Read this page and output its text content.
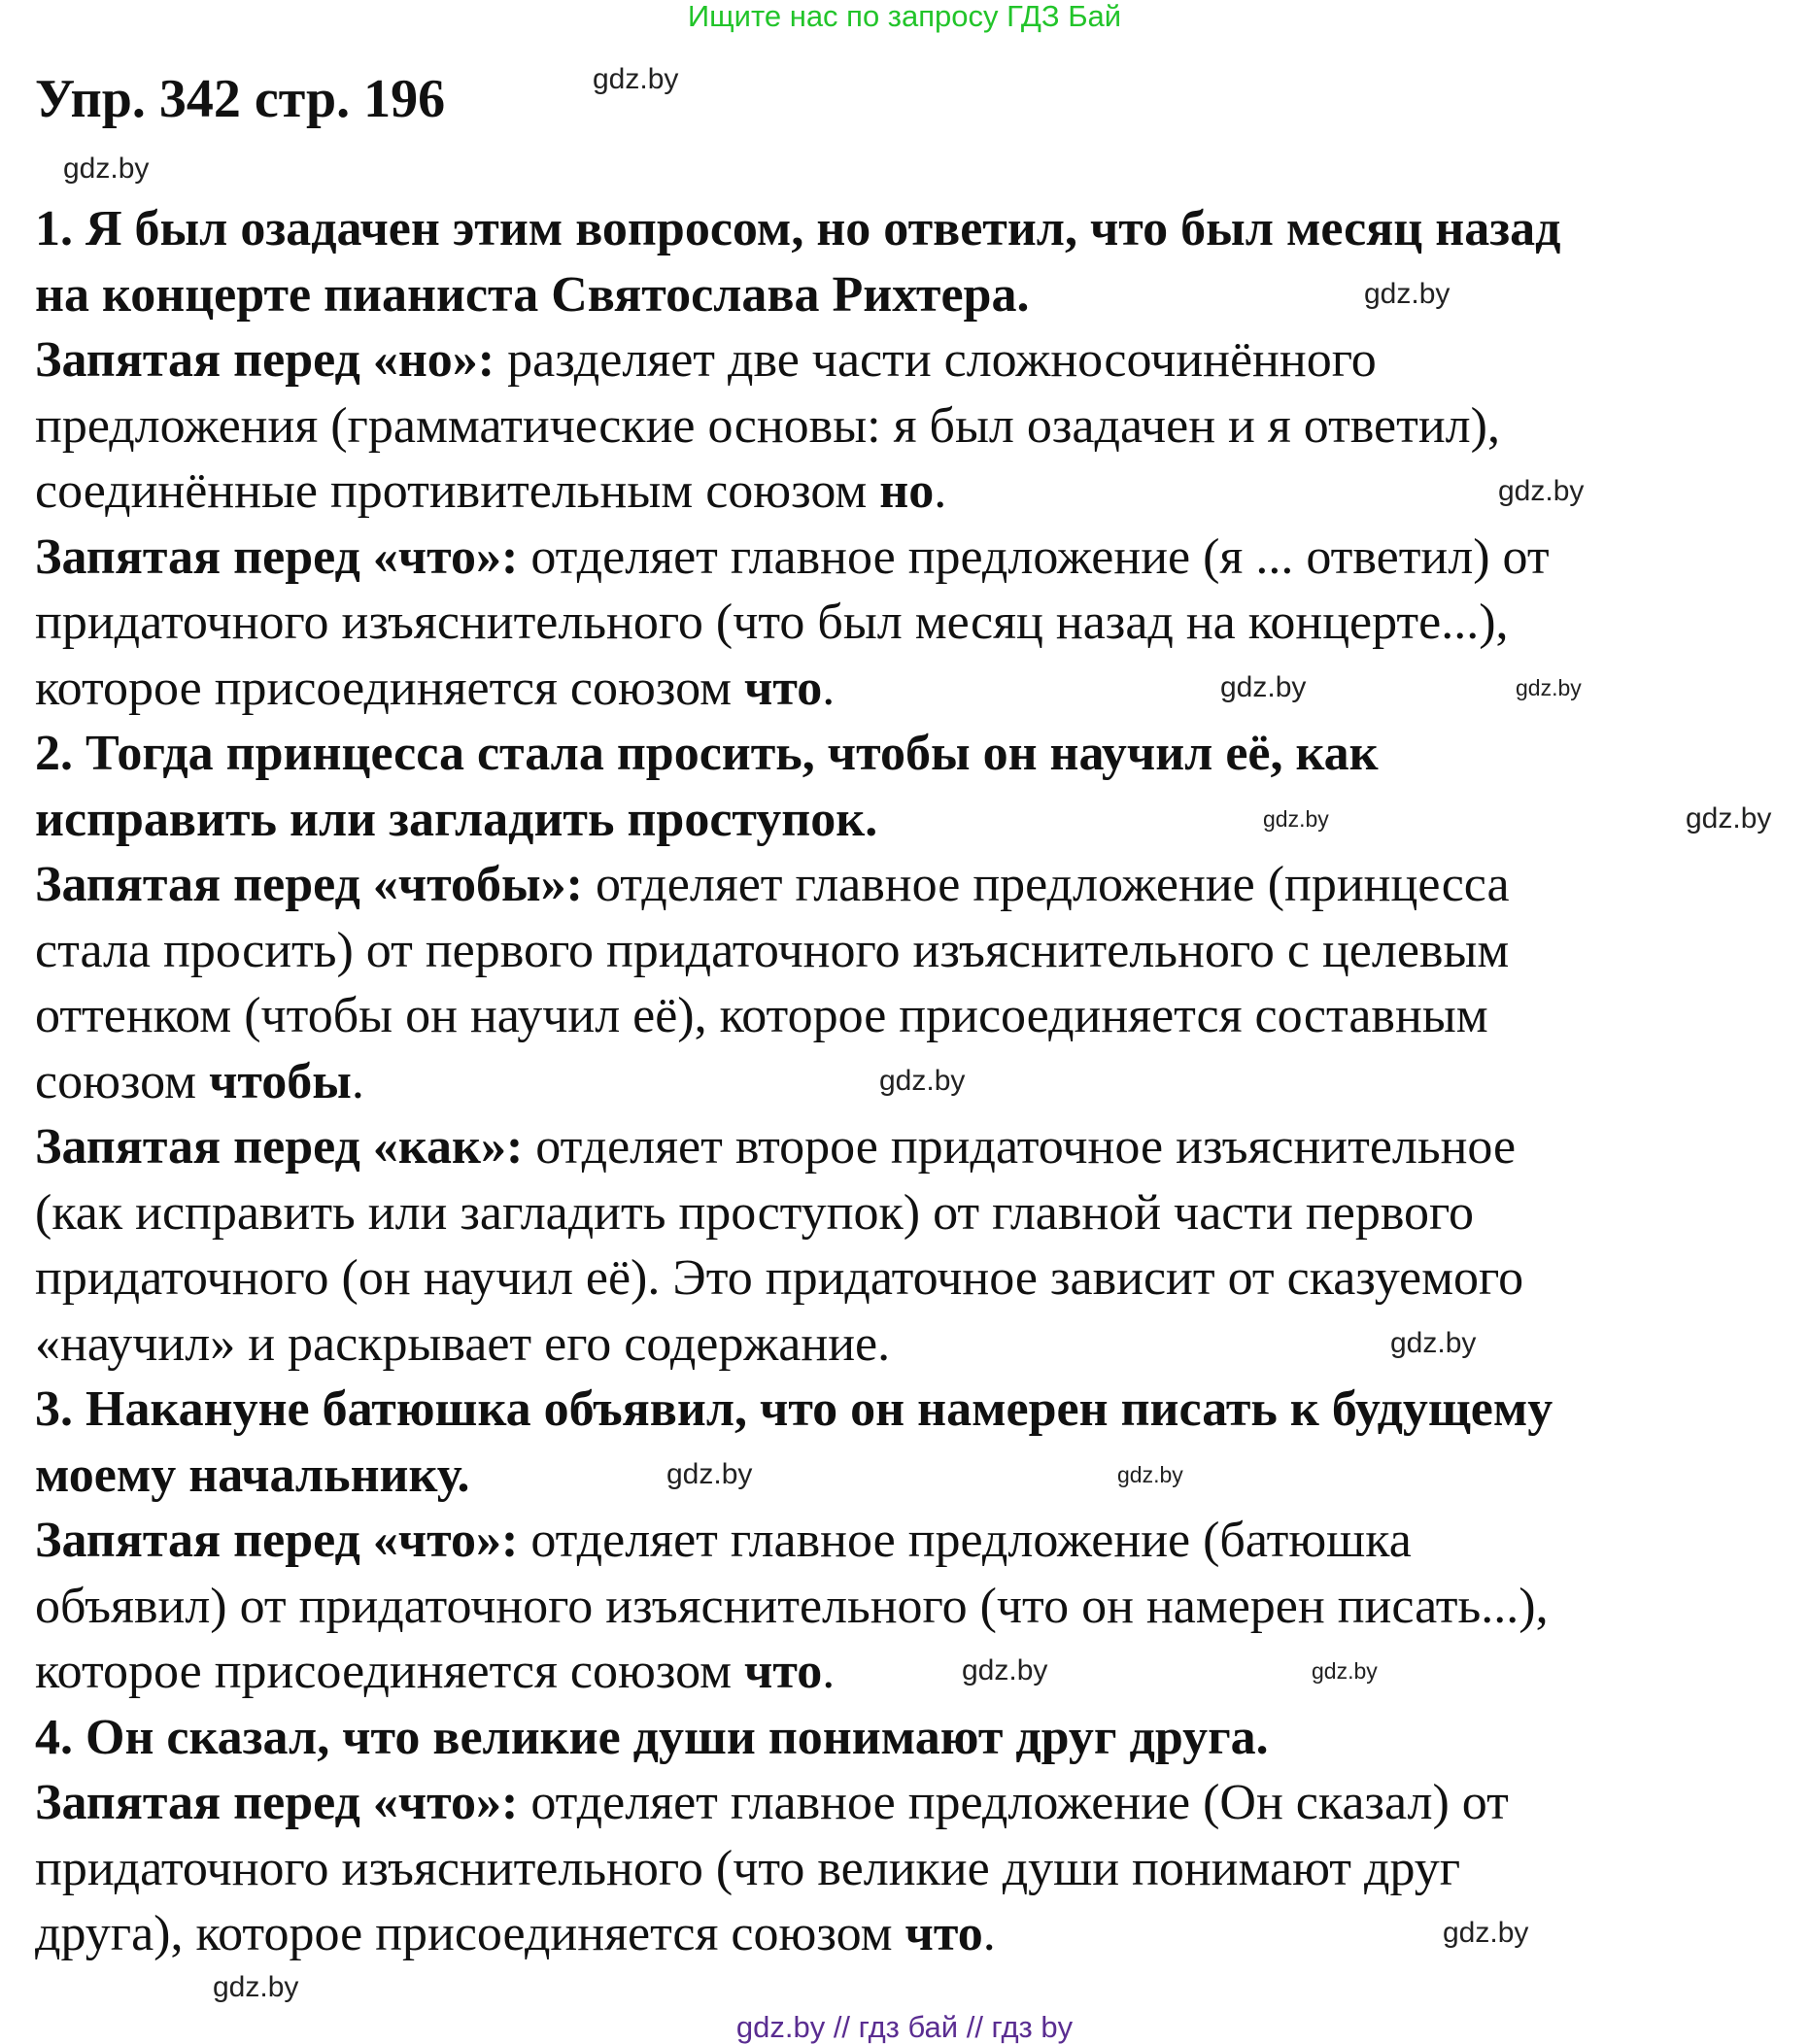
Ищите нас по запросу ГДЗ Бай
Упр. 342 стр. 196
1. Я был озадачен этим вопросом, но ответил, что был месяц назад
на концерте пианиста Святослава Рихтера.
Запятая перед «но»: разделяет две части сложносочинённого
предложения (грамматические основы: я был озадачен и я ответил),
соединённые противительным союзом но.
Запятая перед «что»: отделяет главное предложение (я ... ответил) от
придаточного изъяснительного (что был месяц назад на концерте...),
которое присоединяется союзом что.
2. Тогда принцесса стала просить, чтобы он научил её, как
исправить или загладить проступок.
Запятая перед «чтобы»: отделяет главное предложение (принцесса
стала просить) от первого придаточного изъяснительного с целевым
оттенком (чтобы он научил её), которое присоединяется составным
союзом чтобы.
Запятая перед «как»: отделяет второе придаточное изъяснительное
(как исправить или загладить проступок) от главной части первого
придаточного (он научил её). Это придаточное зависит от сказуемого
«научил» и раскрывает его содержание.
3. Накануне батюшка объявил, что он намерен писать к будущему
моему начальнику.
Запятая перед «что»: отделяет главное предложение (батюшка
объявил) от придаточного изъяснительного (что он намерен писать...),
которое присоединяется союзом что.
4. Он сказал, что великие души понимают друг друга.
Запятая перед «что»: отделяет главное предложение (Он сказал) от
придаточного изъяснительного (что великие души понимают друг
друга), которое присоединяется союзом что.
gdz.by
gdz.by
gdz.by
gdz.by
gdz.by
gdz.by
gdz.by
gdz.by
gdz.by
gdz.by
gdz.by
gdz.by
gdz.by
gdz.by
gdz.by
gdz.by
gdz.by // гдз бай // гдз by
